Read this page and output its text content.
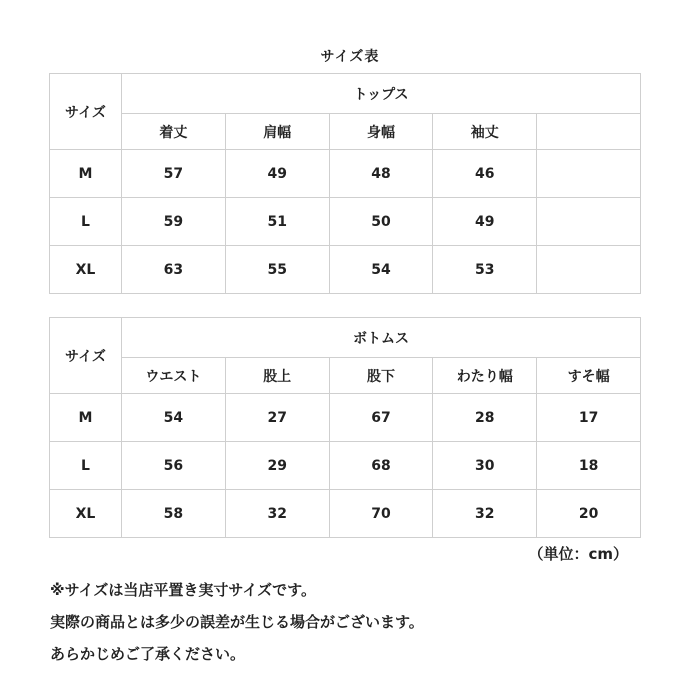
サイズ表
サイズ	トップス				
	着丈	肩幅	身幅	袖丈	
M	57	49	48	46	
L	59	51	50	49	
XL	63	55	54	53	
サイズ	ボトムス				
	ウエスト	股上	股下	わたり幅	すそ幅
M	54	27	67	28	17
L	56	29	68	30	18
XL	58	32	70	32	20
（単位：cm）
※サイズは当店平置き実寸サイズです。
実際の商品とは多少の誤差が生じる場合がございます。
あらかじめご了承ください。
